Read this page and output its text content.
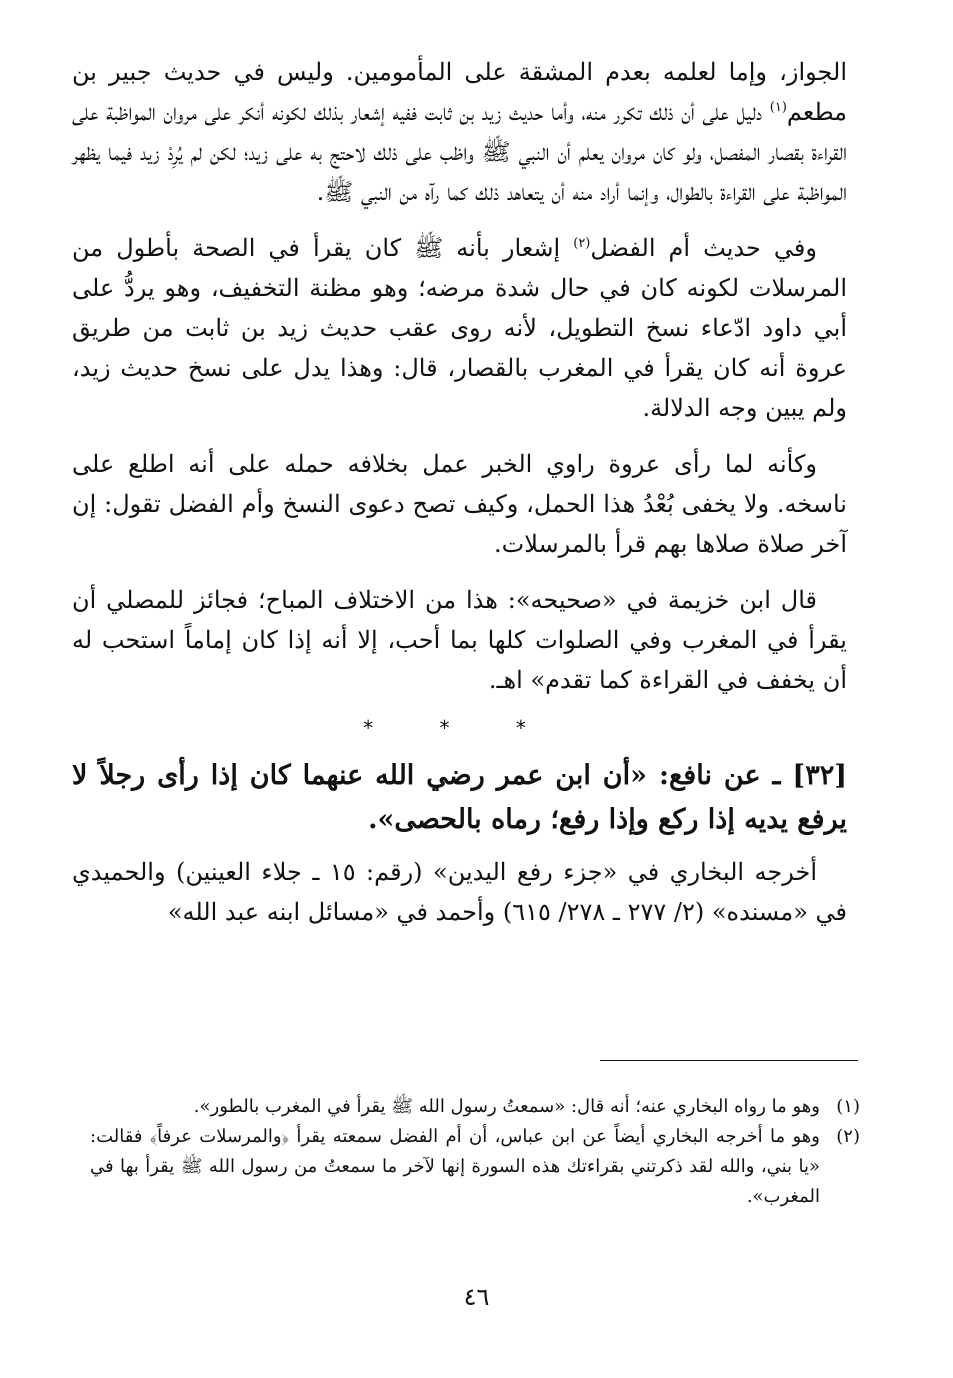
الجواز، وإما لعلمه بعدم المشقة على المأمومين. وليس في حديث جبير بن مطعم$^{(١)}$ دليل على أن ذلك تكرر منه، وأما حديث زيد بن ثابت ففيه إشعار بذلك لكونه أنكر على مروان المواظبة على القراءة بقصار المفصل، ولو كان مروان يعلم أن النبي ﷺ واظب على ذلك لاحتج به على زيد؛ لكن لم يُرِدْ زيد فيما يظهر المواظبة على القراءة بالطوال، وإنما أراد منه أن يتعاهد ذلك كما رآه من النبي ﷺ.

وفي حديث أم الفضل$^{(٢)}$ إشعار بأنه ﷺ كان يقرأ في الصحة بأطول من المرسلات لكونه كان في حال شدة مرضه؛ وهو مظنة التخفيف، وهو يردُّ على أبي داود ادّعاء نسخ التطويل، لأنه روى عقب حديث زيد بن ثابت من طريق عروة أنه كان يقرأ في المغرب بالقصار، قال: وهذا يدل على نسخ حديث زيد، ولم يبين وجه الدلالة.

وكأنه لما رأى عروة راوي الخبر عمل بخلافه حمله على أنه اطلع على ناسخه. ولا يخفى بُعْدُ هذا الحمل، وكيف تصح دعوى النسخ وأم الفضل تقول: إن آخر صلاة صلاها بهم قرأ بالمرسلات.

قال ابن خزيمة في «صحيحه»: هذا من الاختلاف المباح؛ فجائز للمصلي أن يقرأ في المغرب وفي الصلوات كلها بما أحب، إلا أنه إذا كان إماماً استحب له أن يخفف في القراءة كما تقدم» اهـ.

* * *

[٣٢] ـ عن نافع: «أن ابن عمر رضي الله عنهما كان إذا رأى رجلاً لا يرفع يديه إذا ركع وإذا رفع؛ رماه بالحصى».

أخرجه البخاري في «جزء رفع اليدين» (رقم: ١٥ ـ جلاء العينين) والحميدي في «مسنده» (٢/ ٢٧٧ ـ ٢٧٨/ ٦١٥) وأحمد في «مسائل ابنه عبد الله»

(١)
وهو ما رواه البخاري عنه؛ أنه قال: «سمعتُ رسول الله ﷺ يقرأ في المغرب بالطور».
(٢)
وهو ما أخرجه البخاري أيضاً عن ابن عباس، أن أم الفضل سمعته يقرأ ﴿والمرسلات عرفاً﴾ فقالت: «يا بني، والله لقد ذكرتني بقراءتك هذه السورة إنها لآخر ما سمعتُ من رسول الله ﷺ يقرأ بها في المغرب».
٤٦
